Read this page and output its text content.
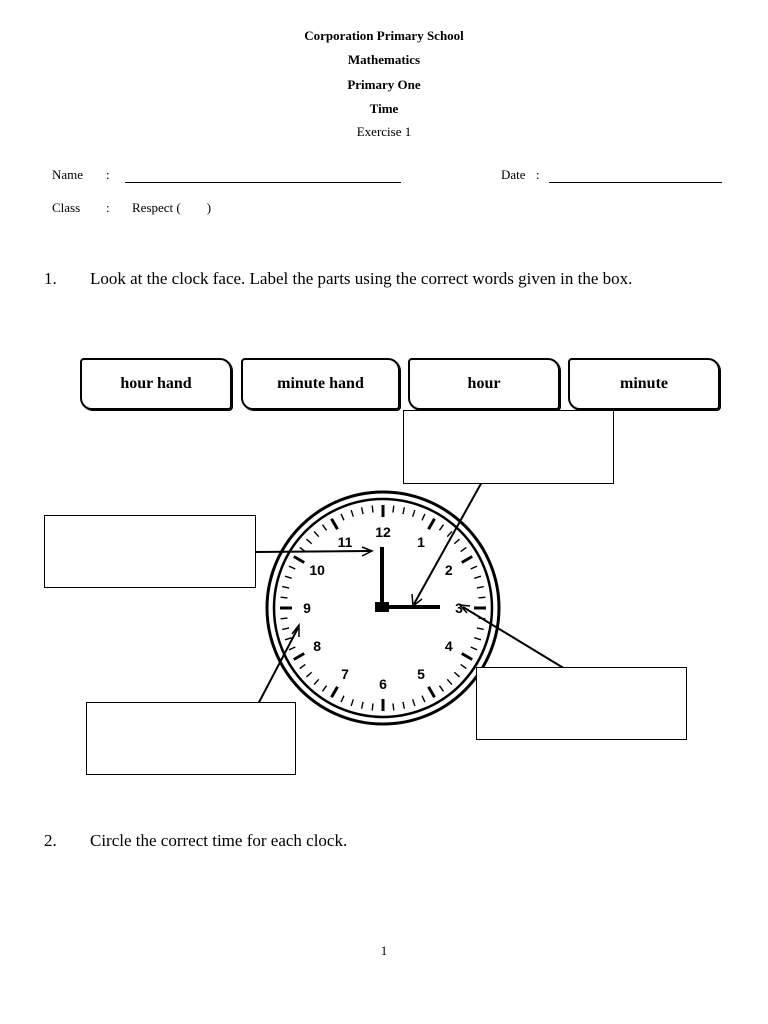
Corporation Primary School
Mathematics
Primary One
Time
Exercise 1
Name :	Date :
Class : Respect (        )
1. Look at the clock face. Label the parts using the correct words given in the box.
hour hand	minute hand	hour	minute
12
1
2
3
4
5
6
7
8
9
10
11
2. Circle the correct time for each clock.
1
